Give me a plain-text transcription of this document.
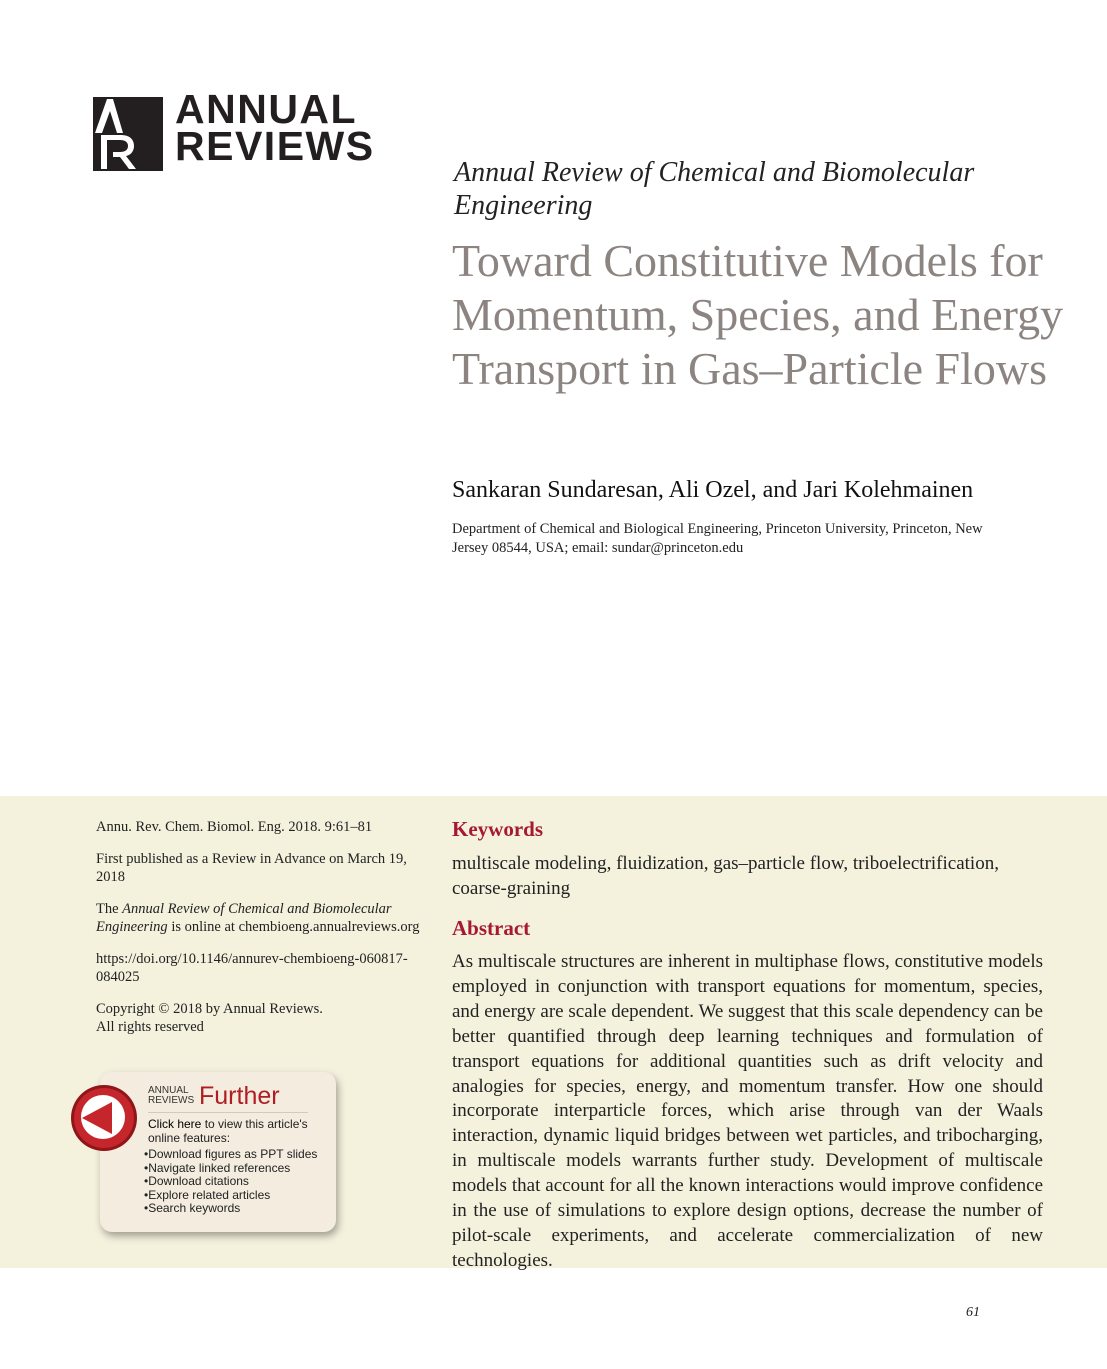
ANNUAL
REVIEWS
Annual Review of Chemical and Biomolecular Engineering
Toward Constitutive Models for Momentum, Species, and Energy Transport in Gas–Particle Flows
Sankaran Sundaresan, Ali Ozel, and Jari Kolehmainen
Department of Chemical and Biological Engineering, Princeton University, Princeton, New Jersey 08544, USA; email: sundar@princeton.edu

Annu. Rev. Chem. Biomol. Eng. 2018. 9:61–81

First published as a Review in Advance on March 19, 2018

The Annual Review of Chemical and Biomolecular Engineering is online at chembioeng.annualreviews.org

https://doi.org/10.1146/annurev-chembioeng-060817-084025

Copyright © 2018 by Annual Reviews.

All rights reserved

ANNUAL
REVIEWS Further
Click here to view this article's online features:
• Download figures as PPT slides
• Navigate linked references
• Download citations
• Explore related articles
• Search keywords
Keywords
multiscale modeling, fluidization, gas–particle flow, triboelectrification, coarse-graining
Abstract
As multiscale structures are inherent in multiphase flows, constitutive models employed in conjunction with transport equations for momentum, species, and energy are scale dependent. We suggest that this scale dependency can be better quantified through deep learning techniques and formulation of transport equations for additional quantities such as drift velocity and analogies for species, energy, and momentum transfer. How one should incorporate interparticle forces, which arise through van der Waals interaction, dynamic liquid bridges between wet particles, and tribocharging, in multiscale models warrants further study. Development of multiscale models that account for all the known interactions would improve confidence in the use of simulations to explore design options, decrease the number of pilot-scale experiments, and accelerate commercialization of new technologies.
61
